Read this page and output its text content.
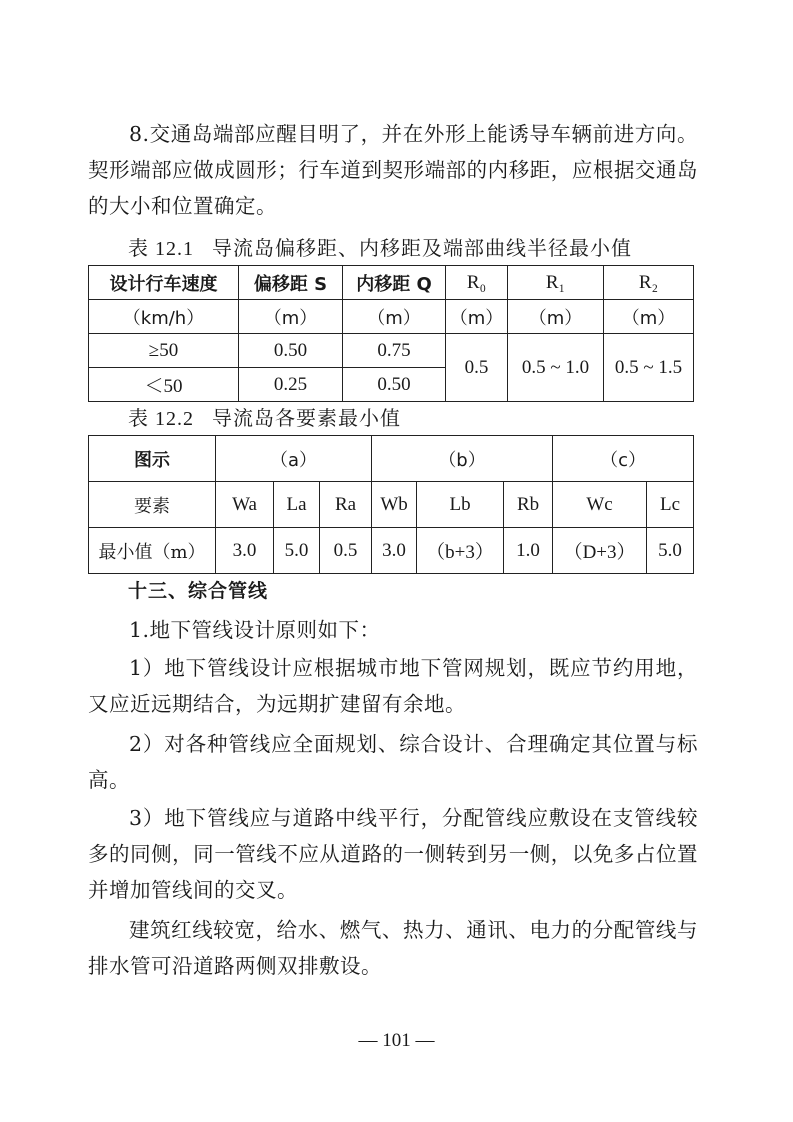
8.交通岛端部应醒目明了，并在外形上能诱导车辆前进方向。契形端部应做成圆形；行车道到契形端部的内移距，应根据交通岛的大小和位置确定。

表 12.1 导流岛偏移距、内移距及端部曲线半径最小值

设计行车速度	偏移距 S	内移距 Q	R₀	R₁	R₂
（km/h）	（m）	（m）	（m）	（m）	（m）
≥50	0.50	0.75	0.5	0.5 ~ 1.0	0.5 ~ 1.5
＜50	0.25	0.50			

表 12.2 导流岛各要素最小值

图示	（a）			（b）			（c）	
要素	Wa	La	Ra	Wb	Lb	Rb	Wc	Lc
最小值（m）	3.0	5.0	0.5	3.0	（b+3）	1.0	（D+3）	5.0

十三、综合管线

1.地下管线设计原则如下：

1）地下管线设计应根据城市地下管网规划，既应节约用地，又应近远期结合，为远期扩建留有余地。

2）对各种管线应全面规划、综合设计、合理确定其位置与标高。

3）地下管线应与道路中线平行，分配管线应敷设在支管线较多的同侧，同一管线不应从道路的一侧转到另一侧，以免多占位置并增加管线间的交叉。

建筑红线较宽，给水、燃气、热力、通讯、电力的分配管线与排水管可沿道路两侧双排敷设。

— 101 —
